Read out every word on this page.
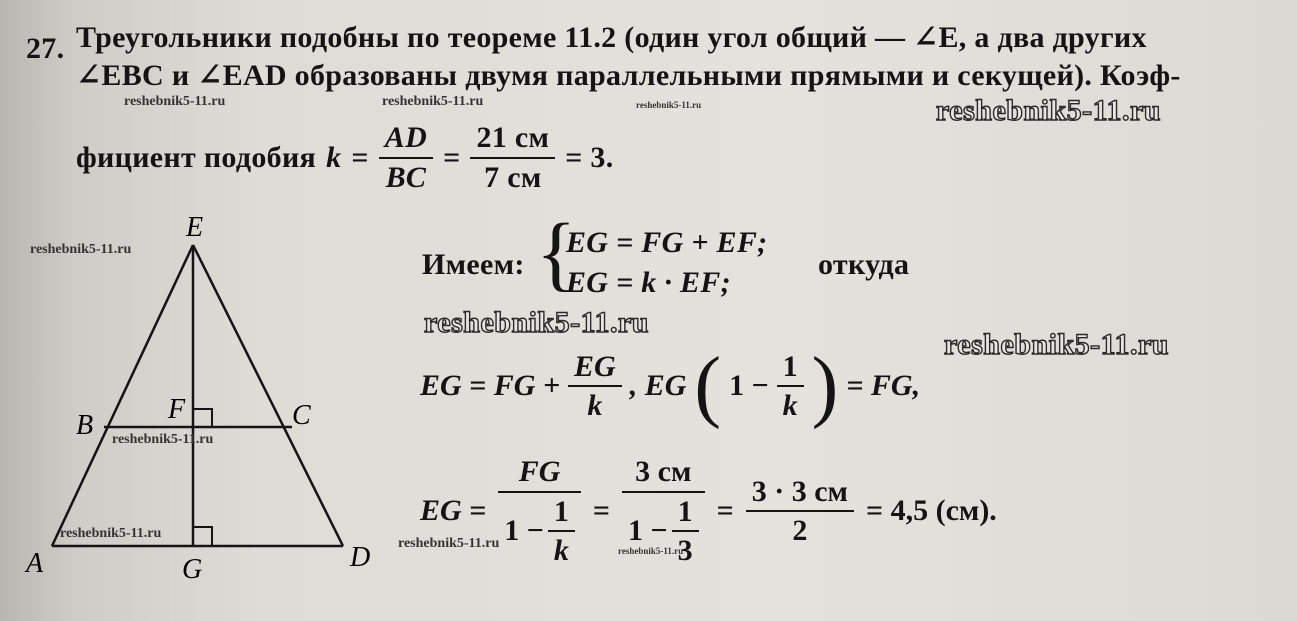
27. Треугольники подобны по теореме 11.2 (один угол общий — ∠E, а два других
∠EBC и ∠EAD образованы двумя параллельными прямыми и секущей). Коэф-
фициент подобия $k = \frac{AD}{BC} = \frac{21 см}{7 см} = 3$.
Имеем: {
EG = FG + EF;
EG = k · EF;
откуда
EG = FG + $\frac{EG}{k}$ , EG ( $1 - \frac{1}{k}$ ) = FG,
EG = $\frac{FG}{1 - \frac{1}{k}} = \frac{3 см}{1 - \frac{1}{3}} = \frac{3 \cdot 3 см}{2} = 4,5$ (см).
E
B
F	C
A	G	D
reshebnik5-11.ru	reshebnik5-11.ru	reshebnik5-11.ru	reshebnik5-11.ru
reshebnik5-11.ru
reshebnik5-11.ru
reshebnik5-11.ru
reshebnik5-11.ru
reshebnik5-11.ru
reshebnik5-11.ru	reshebnik5-11.ru
